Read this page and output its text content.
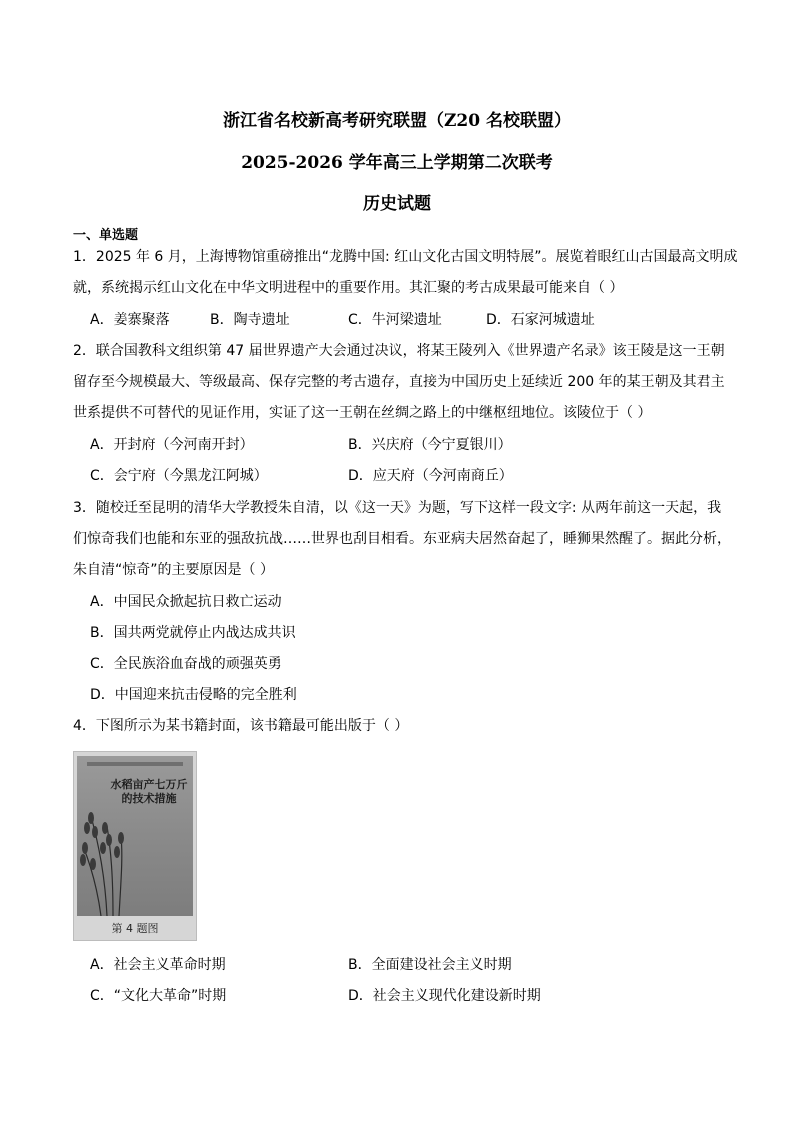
浙江省名校新高考研究联盟（Z20 名校联盟）
2025-2026 学年高三上学期第二次联考
历史试题
一、单选题
1．2025 年 6 月，上海博物馆重磅推出“龙腾中国: 红山文化古国文明特展”。展览着眼红山古国最高文明成
就，系统揭示红山文化在中华文明进程中的重要作用。其汇聚的考古成果最可能来自（ ）
A．姜寨聚落	B．陶寺遗址	C．牛河梁遗址	D．石家河城遗址
2．联合国教科文组织第 47 届世界遗产大会通过决议，将某王陵列入《世界遗产名录》该王陵是这一王朝
留存至今规模最大、等级最高、保存完整的考古遗存，直接为中国历史上延续近 200 年的某王朝及其君主
世系提供不可替代的见证作用，实证了这一王朝在丝绸之路上的中继枢纽地位。该陵位于（ ）
A．开封府（今河南开封）	B．兴庆府（今宁夏银川）
C．会宁府（今黑龙江阿城）	D．应天府（今河南商丘）
3．随校迁至昆明的清华大学教授朱自清，以《这一天》为题，写下这样一段文字: 从两年前这一天起，我
们惊奇我们也能和东亚的强敌抗战……世界也刮目相看。东亚病夫居然奋起了，睡狮果然醒了。据此分析，
朱自清“惊奇”的主要原因是（ ）
A．中国民众掀起抗日救亡运动
B．国共两党就停止内战达成共识
C．全民族浴血奋战的顽强英勇
D．中国迎来抗击侵略的完全胜利
4．下图所示为某书籍封面，该书籍最可能出版于（ ）
水稻亩产七万斤的技术措施
第 4 题图
A．社会主义革命时期	B．全面建设社会主义时期
C．“文化大革命”时期	D．社会主义现代化建设新时期
